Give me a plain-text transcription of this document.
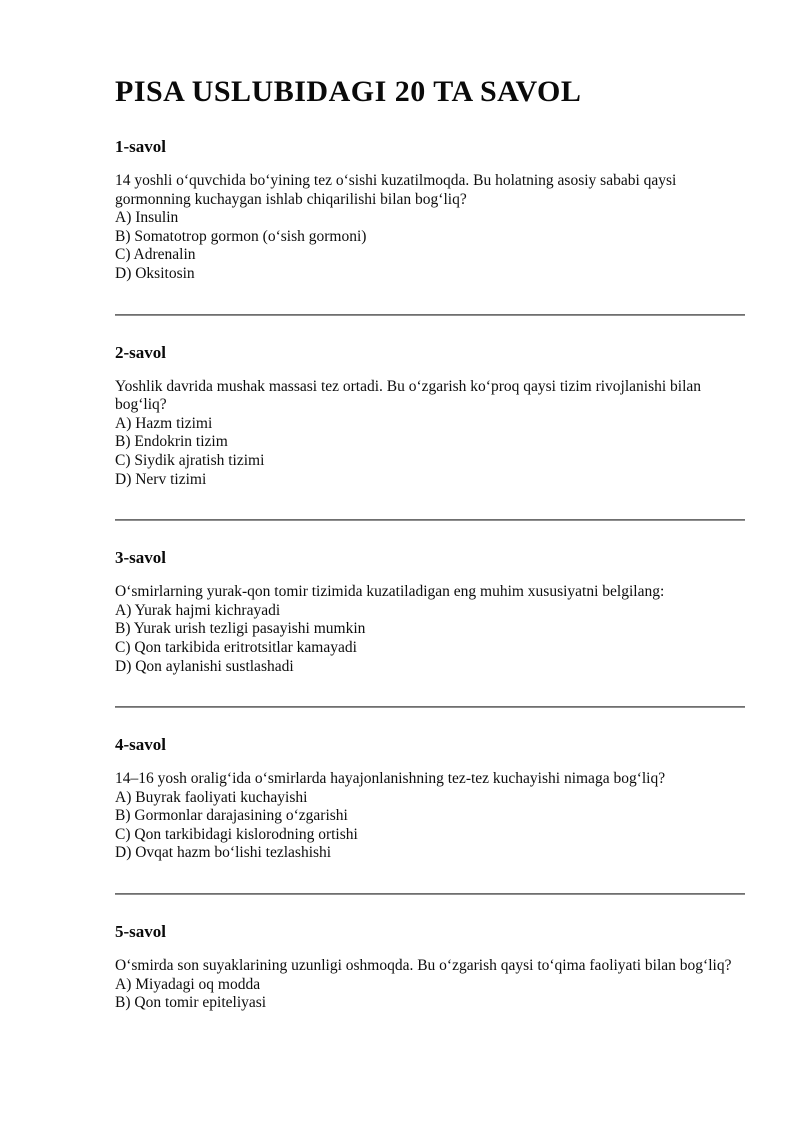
PISA USLUBIDAGI 20 TA SAVOL
1-savol
14 yoshli oʻquvchida boʻyining tez oʻsishi kuzatilmoqda. Bu holatning asosiy sababi qaysi gormonning kuchaygan ishlab chiqarilishi bilan bogʻliq?
A) Insulin
B) Somatotrop gormon (oʻsish gormoni)
C) Adrenalin
D) Oksitosin
2-savol
Yoshlik davrida mushak massasi tez ortadi. Bu oʻzgarish koʻproq qaysi tizim rivojlanishi bilan bogʻliq?
A) Hazm tizimi
B) Endokrin tizim
C) Siydik ajratish tizimi
D) Nerv tizimi
3-savol
Oʻsmirlarning yurak-qon tomir tizimida kuzatiladigan eng muhim xususiyatni belgilang:
A) Yurak hajmi kichrayadi
B) Yurak urish tezligi pasayishi mumkin
C) Qon tarkibida eritrotsitlar kamayadi
D) Qon aylanishi sustlashadi
4-savol
14–16 yosh oraligʻida oʻsmirlarda hayajonlanishning tez-tez kuchayishi nimaga bogʻliq?
A) Buyrak faoliyati kuchayishi
B) Gormonlar darajasining oʻzgarishi
C) Qon tarkibidagi kislorodning ortishi
D) Ovqat hazm boʻlishi tezlashishi
5-savol
Oʻsmirda son suyaklarining uzunligi oshmoqda. Bu oʻzgarish qaysi toʻqima faoliyati bilan bogʻliq?
A) Miyadagi oq modda
B) Qon tomir epiteliyasi
